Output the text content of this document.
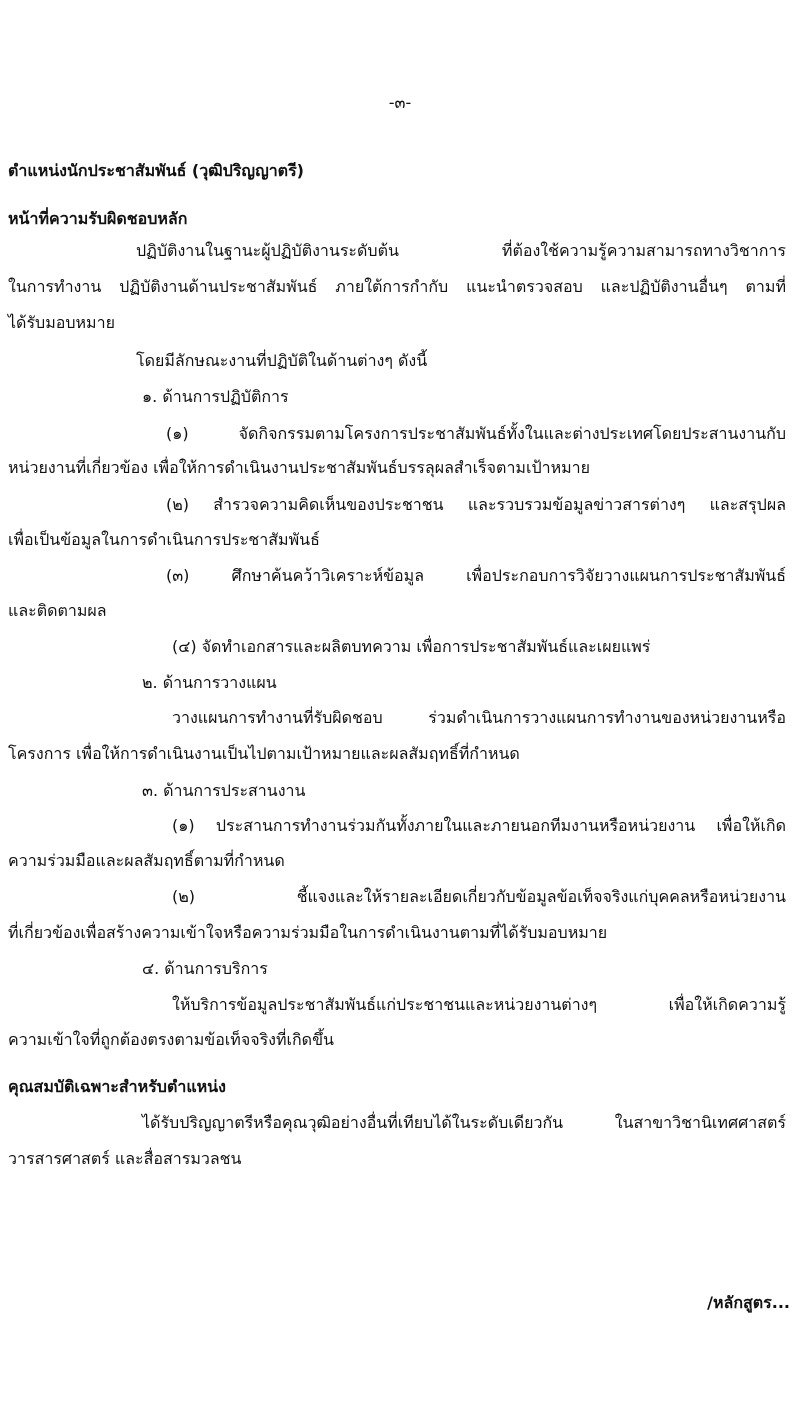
-๓-

ตำแหน่งนักประชาสัมพันธ์ (วุฒิปริญญาตรี)

หน้าที่ความรับผิดชอบหลัก

ปฏิบัติงานในฐานะผู้ปฏิบัติงานระดับต้น ที่ต้องใช้ความรู้ความสามารถทางวิชาการ

ในการทำงาน ปฏิบัติงานด้านประชาสัมพันธ์ ภายใต้การกำกับ แนะนำตรวจสอบ และปฏิบัติงานอื่นๆ ตามที่

ได้รับมอบหมาย

โดยมีลักษณะงานที่ปฏิบัติในด้านต่างๆ ดังนี้

๑. ด้านการปฏิบัติการ

(๑) จัดกิจกรรมตามโครงการประชาสัมพันธ์ทั้งในและต่างประเทศโดยประสานงานกับ

หน่วยงานที่เกี่ยวข้อง เพื่อให้การดำเนินงานประชาสัมพันธ์บรรลุผลสำเร็จตามเป้าหมาย

(๒) สำรวจความคิดเห็นของประชาชน และรวบรวมข้อมูลข่าวสารต่างๆ และสรุปผล

เพื่อเป็นข้อมูลในการดำเนินการประชาสัมพันธ์

(๓) ศึกษาค้นคว้าวิเคราะห์ข้อมูล เพื่อประกอบการวิจัยวางแผนการประชาสัมพันธ์

และติดตามผล

(๔) จัดทำเอกสารและผลิตบทความ เพื่อการประชาสัมพันธ์และเผยแพร่

๒. ด้านการวางแผน

วางแผนการทำงานที่รับผิดชอบ ร่วมดำเนินการวางแผนการทำงานของหน่วยงานหรือ

โครงการ เพื่อให้การดำเนินงานเป็นไปตามเป้าหมายและผลสัมฤทธิ์ที่กำหนด

๓. ด้านการประสานงาน

(๑) ประสานการทำงานร่วมกันทั้งภายในและภายนอกทีมงานหรือหน่วยงาน เพื่อให้เกิด

ความร่วมมือและผลสัมฤทธิ์ตามที่กำหนด

(๒) ชี้แจงและให้รายละเอียดเกี่ยวกับข้อมูลข้อเท็จจริงแก่บุคคลหรือหน่วยงาน

ที่เกี่ยวข้องเพื่อสร้างความเข้าใจหรือความร่วมมือในการดำเนินงานตามที่ได้รับมอบหมาย

๔. ด้านการบริการ

ให้บริการข้อมูลประชาสัมพันธ์แก่ประชาชนและหน่วยงานต่างๆ เพื่อให้เกิดความรู้

ความเข้าใจที่ถูกต้องตรงตามข้อเท็จจริงที่เกิดขึ้น

คุณสมบัติเฉพาะสำหรับตำแหน่ง

ได้รับปริญญาตรีหรือคุณวุฒิอย่างอื่นที่เทียบได้ในระดับเดียวกัน ในสาขาวิชานิเทศศาสตร์

วารสารศาสตร์ และสื่อสารมวลชน

/หลักสูตร...
